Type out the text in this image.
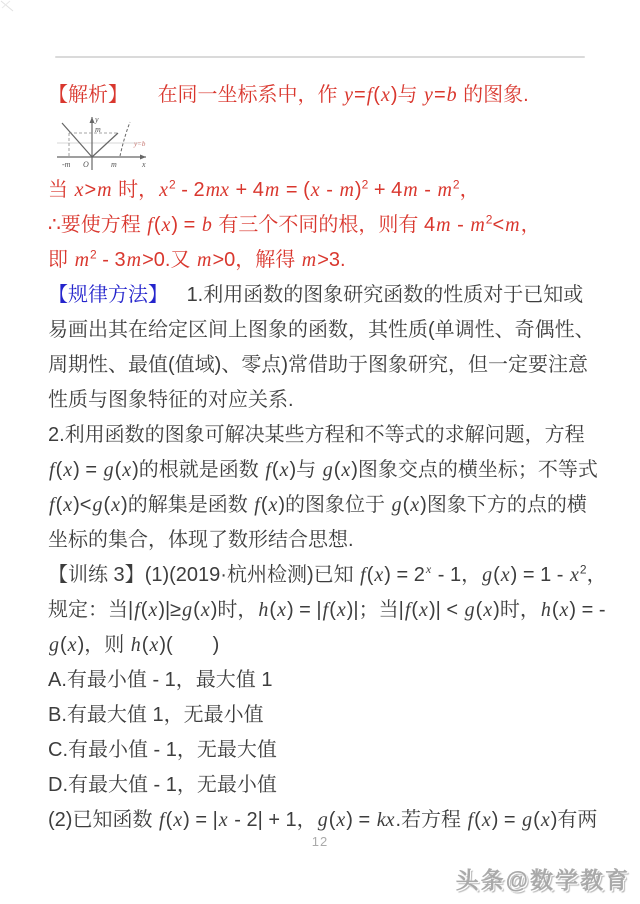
【解析】 在同一坐标系中，作 y=f(x)与 y=b 的图象.
y
x
O
m
-m	m
y=b
当 x>m 时，$x^2 - 2mx + 4m = (x - m)^2 + 4m - m^2$，
∴要使方程 f(x) = b 有三个不同的根，则有 $4m - m^2<m$，
即 $m^2 - 3m>0$.又 m>0，解得 m>3.
【规律方法】 1.利用函数的图象研究函数的性质对于已知或
易画出其在给定区间上图象的函数，其性质(单调性、奇偶性、
周期性、最值(值域)、零点)常借助于图象研究，但一定要注意
性质与图象特征的对应关系.
2.利用函数的图象可解决某些方程和不等式的求解问题，方程
f(x) = g(x)的根就是函数 f(x)与 g(x)图象交点的横坐标；不等式
f(x)<g(x)的解集是函数 f(x)的图象位于 g(x)图象下方的点的横
坐标的集合，体现了数形结合思想.
【训练 3】(1)(2019·杭州检测)已知 $f(x) = 2^x - 1$，$g(x) = 1 - x^2$，
规定：当|f(x)|≥g(x)时，h(x) = |f(x)|；当|f(x)| < g(x)时，h(x) = -
g(x)，则 h(x)(　　)
A.有最小值 - 1，最大值 1
B.有最大值 1，无最小值
C.有最小值 - 1，无最大值
D.有最大值 - 1，无最小值
(2)已知函数 f(x) = |x - 2| + 1，g(x) = kx.若方程 f(x) = g(x)有两
12
头条@数学教育
